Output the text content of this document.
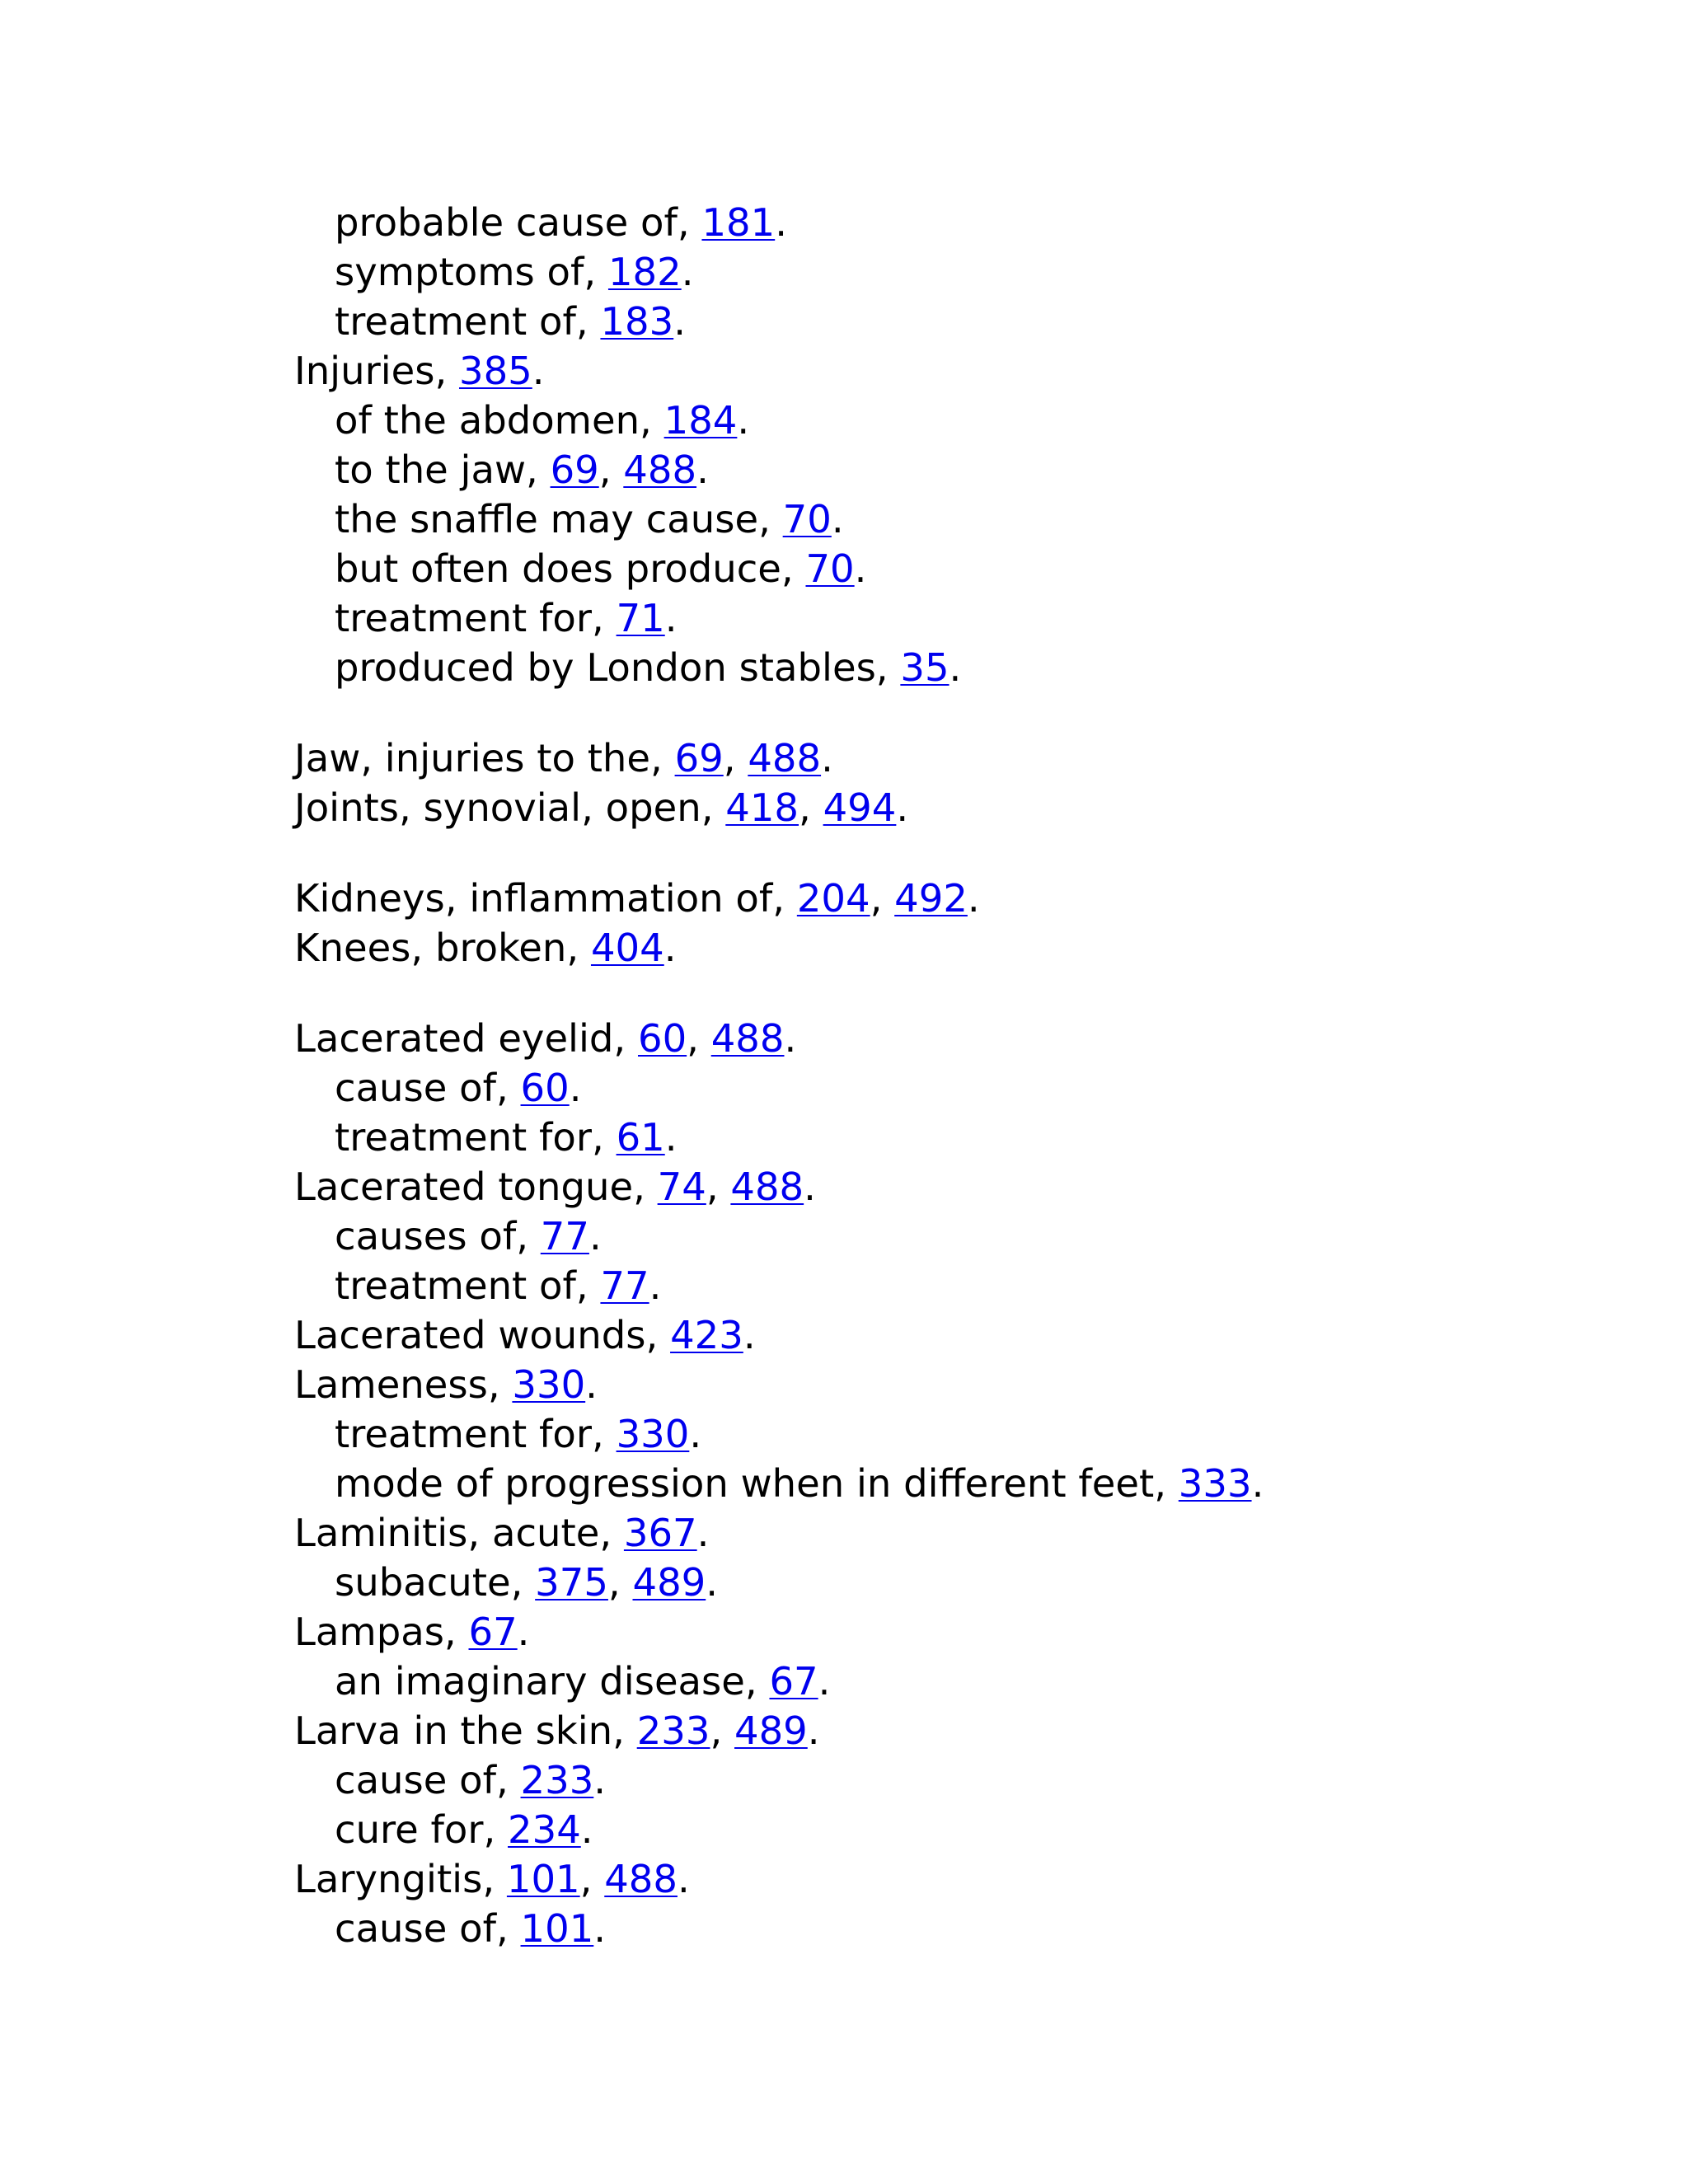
probable cause of, 181.
symptoms of, 182.
treatment of, 183.
Injuries, 385.
of the abdomen, 184.
to the jaw, 69, 488.
the snaffle may cause, 70.
but often does produce, 70.
treatment for, 71.
produced by London stables, 35.
Jaw, injuries to the, 69, 488.
Joints, synovial, open, 418, 494.
Kidneys, inflammation of, 204, 492.
Knees, broken, 404.
Lacerated eyelid, 60, 488.
cause of, 60.
treatment for, 61.
Lacerated tongue, 74, 488.
causes of, 77.
treatment of, 77.
Lacerated wounds, 423.
Lameness, 330.
treatment for, 330.
mode of progression when in different feet, 333.
Laminitis, acute, 367.
subacute, 375, 489.
Lampas, 67.
an imaginary disease, 67.
Larva in the skin, 233, 489.
cause of, 233.
cure for, 234.
Laryngitis, 101, 488.
cause of, 101.
